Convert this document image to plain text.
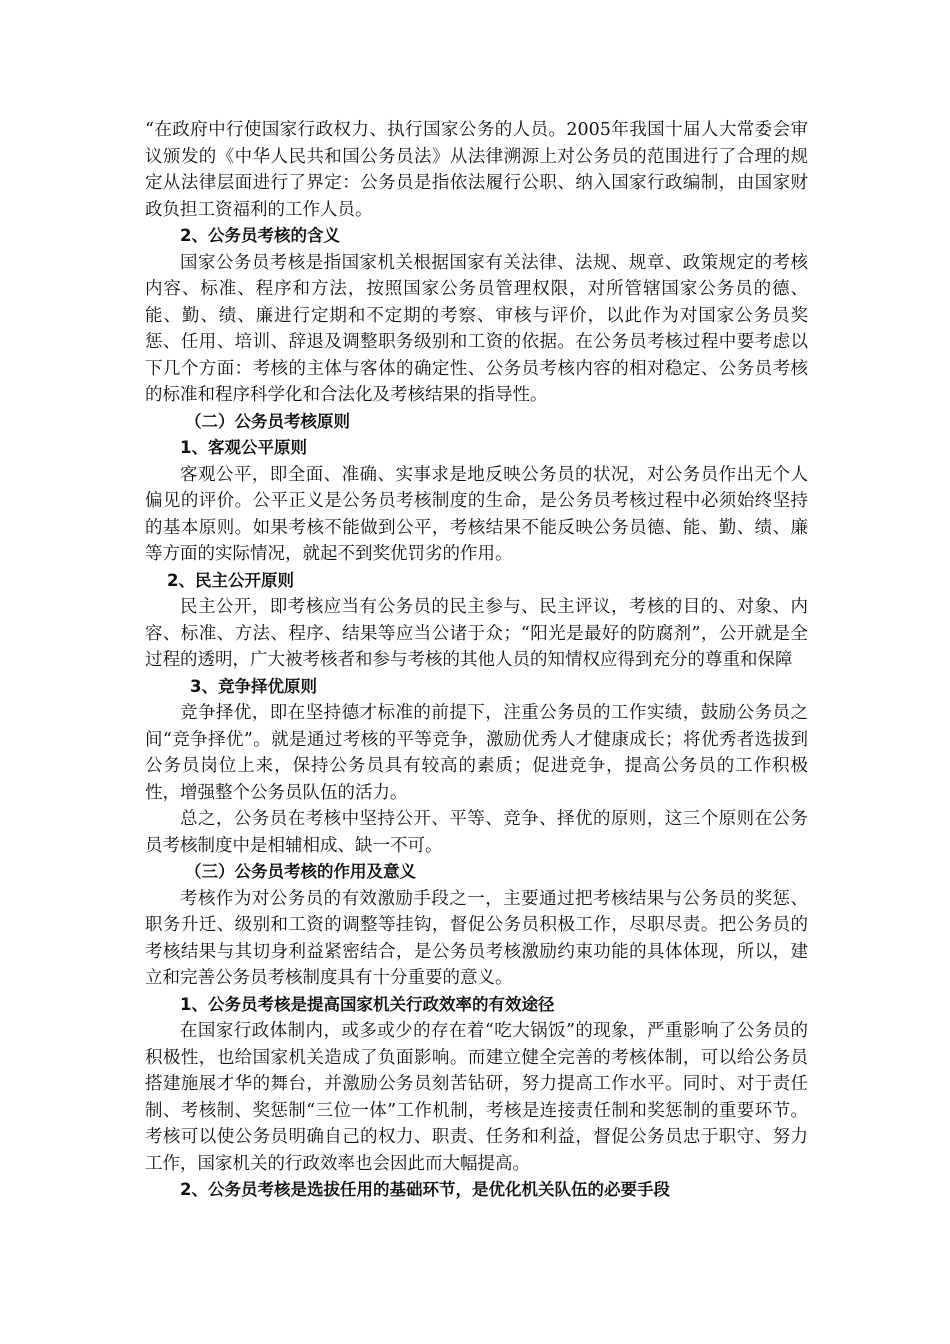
“在政府中行使国家行政权力、执行国家公务的人员。2005年我国十届人大常委会审议颁发的《中华人民共和国公务员法》从法律溯源上对公务员的范围进行了合理的规定从法律层面进行了界定：公务员是指依法履行公职、纳入国家行政编制，由国家财政负担工资福利的工作人员。

2、公务员考核的含义

国家公务员考核是指国家机关根据国家有关法律、法规、规章、政策规定的考核内容、标准、程序和方法，按照国家公务员管理权限，对所管辖国家公务员的德、能、勤、绩、廉进行定期和不定期的考察、审核与评价，以此作为对国家公务员奖惩、任用、培训、辞退及调整职务级别和工资的依据。在公务员考核过程中要考虑以下几个方面：考核的主体与客体的确定性、公务员考核内容的相对稳定、公务员考核的标准和程序科学化和合法化及考核结果的指导性。

（二）公务员考核原则

1、客观公平原则

客观公平，即全面、准确、实事求是地反映公务员的状况，对公务员作出无个人偏见的评价。公平正义是公务员考核制度的生命，是公务员考核过程中必须始终坚持的基本原则。如果考核不能做到公平，考核结果不能反映公务员德、能、勤、绩、廉等方面的实际情况，就起不到奖优罚劣的作用。

2、民主公开原则

民主公开，即考核应当有公务员的民主参与、民主评议，考核的目的、对象、内容、标准、方法、程序、结果等应当公诸于众；“阳光是最好的防腐剂”，公开就是全过程的透明，广大被考核者和参与考核的其他人员的知情权应得到充分的尊重和保障

3、竞争择优原则

竞争择优，即在坚持德才标准的前提下，注重公务员的工作实绩，鼓励公务员之间“竞争择优”。就是通过考核的平等竞争，激励优秀人才健康成长；将优秀者选拔到公务员岗位上来，保持公务员具有较高的素质；促进竞争，提高公务员的工作积极性，增强整个公务员队伍的活力。

总之，公务员在考核中坚持公开、平等、竞争、择优的原则，这三个原则在公务员考核制度中是相辅相成、缺一不可。

（三）公务员考核的作用及意义

考核作为对公务员的有效激励手段之一，主要通过把考核结果与公务员的奖惩、职务升迁、级别和工资的调整等挂钩，督促公务员积极工作，尽职尽责。把公务员的考核结果与其切身利益紧密结合，是公务员考核激励约束功能的具体体现，所以，建立和完善公务员考核制度具有十分重要的意义。

1、公务员考核是提高国家机关行政效率的有效途径

在国家行政体制内，或多或少的存在着“吃大锅饭”的现象，严重影响了公务员的积极性，也给国家机关造成了负面影响。而建立健全完善的考核体制，可以给公务员搭建施展才华的舞台，并激励公务员刻苦钻研，努力提高工作水平。同时、对于责任制、考核制、奖惩制“三位一体”工作机制，考核是连接责任制和奖惩制的重要环节。考核可以使公务员明确自己的权力、职责、任务和利益，督促公务员忠于职守、努力工作，国家机关的行政效率也会因此而大幅提高。

2、公务员考核是选拔任用的基础环节，是优化机关队伍的必要手段
